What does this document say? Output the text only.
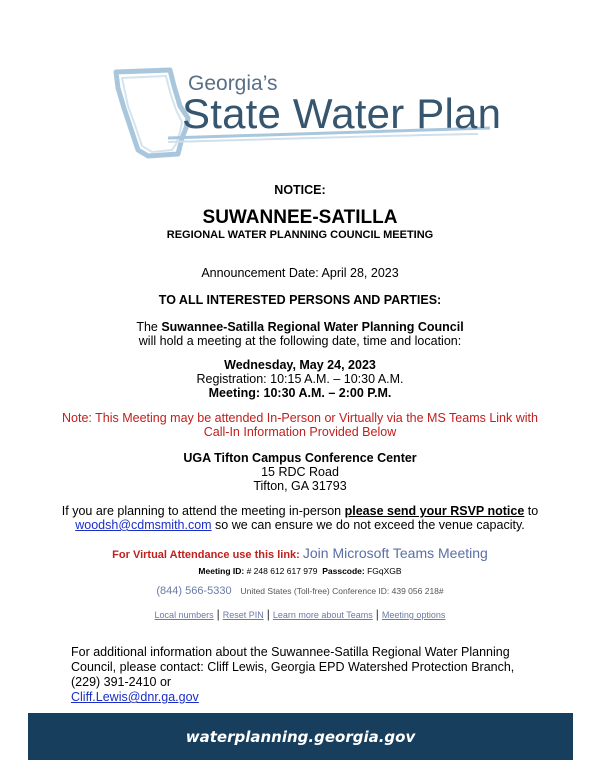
Georgia’s
State Water Plan
NOTICE:
SUWANNEE-SATILLA
REGIONAL WATER PLANNING COUNCIL MEETING
Announcement Date: April 28, 2023
TO ALL INTERESTED PERSONS AND PARTIES:
The Suwannee-Satilla Regional Water Planning Council
will hold a meeting at the following date, time and location:
Wednesday, May 24, 2023
Registration: 10:15 A.M. – 10:30 A.M.
Meeting: 10:30 A.M. – 2:00 P.M.
Note: This Meeting may be attended In-Person or Virtually via the MS Teams Link with
Call-In Information Provided Below
UGA Tifton Campus Conference Center
15 RDC Road
Tifton, GA 31793
If you are planning to attend the meeting in-person please send your RSVP notice to
woodsh@cdmsmith.com so we can ensure we do not exceed the venue capacity.
For Virtual Attendance use this link: Join Microsoft Teams Meeting
Meeting ID: # 248 612 617 979 Passcode: FGqXGB
(844) 566-5330 United States (Toll-free) Conference ID: 439 056 218#
Local numbers | Reset PIN | Learn more about Teams | Meeting options
For additional information about the Suwannee-Satilla Regional Water Planning Council, please contact: Cliff Lewis, Georgia EPD Watershed Protection Branch, (229) 391-2410 or
Cliff.Lewis@dnr.ga.gov
waterplanning.georgia.gov
